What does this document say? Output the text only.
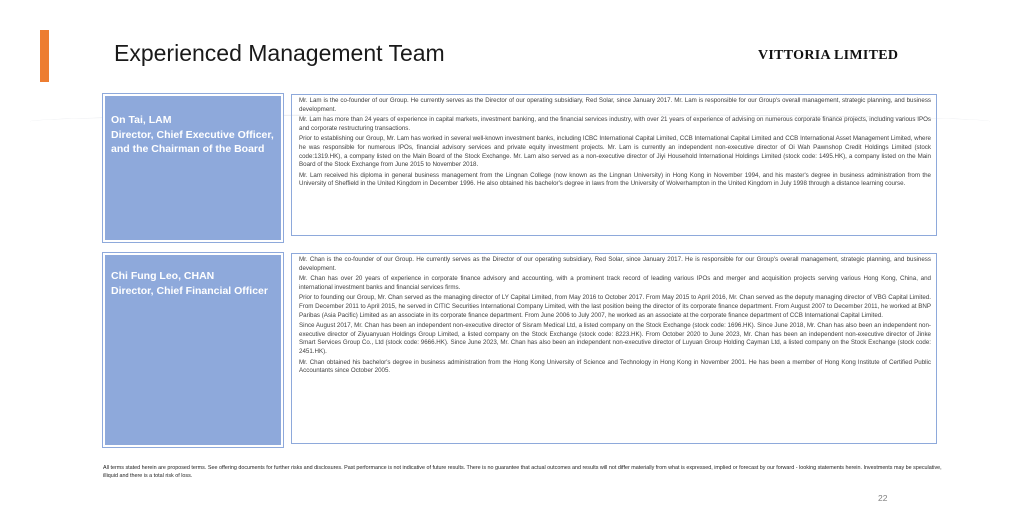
Experienced Management Team	VITTORIA LIMITED
On Tai, LAM
Director, Chief Executive Officer, and the Chairman of the Board

Mr. Lam is the co-founder of our Group. He currently serves as the Director of our operating subsidiary, Red Solar, since January 2017. Mr. Lam is responsible for our Group's overall management, strategic planning, and business development.

Mr. Lam has more than 24 years of experience in capital markets, investment banking, and the financial services industry, with over 21 years of experience of advising on numerous corporate finance projects, including various IPOs and corporate restructuring transactions.

Prior to establishing our Group, Mr. Lam has worked in several well-known investment banks, including ICBC International Capital Limited, CCB International Capital Limited and CCB International Asset Management Limited, where he was responsible for numerous IPOs, financial advisory services and private equity investment projects. Mr. Lam is currently an independent non-executive director of Oi Wah Pawnshop Credit Holdings Limited (stock code:1319.HK), a company listed on the Main Board of the Stock Exchange. Mr. Lam also served as a non-executive director of Jiyi Household International Holdings Limited (stock code: 1495.HK), a company listed on the Main Board of the Stock Exchange from June 2015 to November 2018.

Mr. Lam received his diploma in general business management from the Lingnan College (now known as the Lingnan University) in Hong Kong in November 1994, and his master's degree in business administration from the University of Sheffield in the United Kingdom in December 1996. He also obtained his bachelor's degree in laws from the University of Wolverhampton in the United Kingdom in July 1998 through a distance learning course.

Chi Fung Leo, CHAN
Director, Chief Financial Officer

Mr. Chan is the co-founder of our Group. He currently serves as the Director of our operating subsidiary, Red Solar, since January 2017. He is responsible for our Group's overall management, strategic planning, and business development.

Mr. Chan has over 20 years of experience in corporate finance advisory and accounting, with a prominent track record of leading various IPOs and merger and acquisition projects serving various Hong Kong, China, and international investment banks and financial services firms.

Prior to founding our Group, Mr. Chan served as the managing director of LY Capital Limited, from May 2016 to October 2017. From May 2015 to April 2016, Mr. Chan served as the deputy managing director of VBG Capital Limited. From December 2011 to April 2015, he served in CITIC Securities International Company Limited, with the last position being the director of its corporate finance department. From August 2007 to December 2011, he worked at BNP Paribas (Asia Pacific) Limited as an associate in its corporate finance department. From June 2006 to July 2007, he worked as an associate at the corporate finance department of CCB International Capital Limited.

Since August 2017, Mr. Chan has been an independent non-executive director of Sisram Medical Ltd, a listed company on the Stock Exchange (stock code: 1696.HK). Since June 2018, Mr. Chan has also been an independent non-executive director of Ziyuanyuan Holdings Group Limited, a listed company on the Stock Exchange (stock code: 8223.HK). From October 2020 to June 2023, Mr. Chan has been an independent non-executive director of Jinke Smart Services Group Co., Ltd (stock code: 9666.HK). Since June 2023, Mr. Chan has also been an independent non-executive director of Luyuan Group Holding Cayman Ltd, a listed company on the Stock Exchange (stock code: 2451.HK).

Mr. Chan obtained his bachelor's degree in business administration from the Hong Kong University of Science and Technology in Hong Kong in November 2001. He has been a member of Hong Kong Institute of Certified Public Accountants since October 2005.

All terms stated herein are proposed terms. See offering documents for further risks and disclosures. Past performance is not indicative of future results. There is no guarantee that actual outcomes and results will not differ materially from what is expressed, implied or forecast by our forward - looking statements herein. Investments may be speculative, illiquid and there is a total risk of loss.
22
